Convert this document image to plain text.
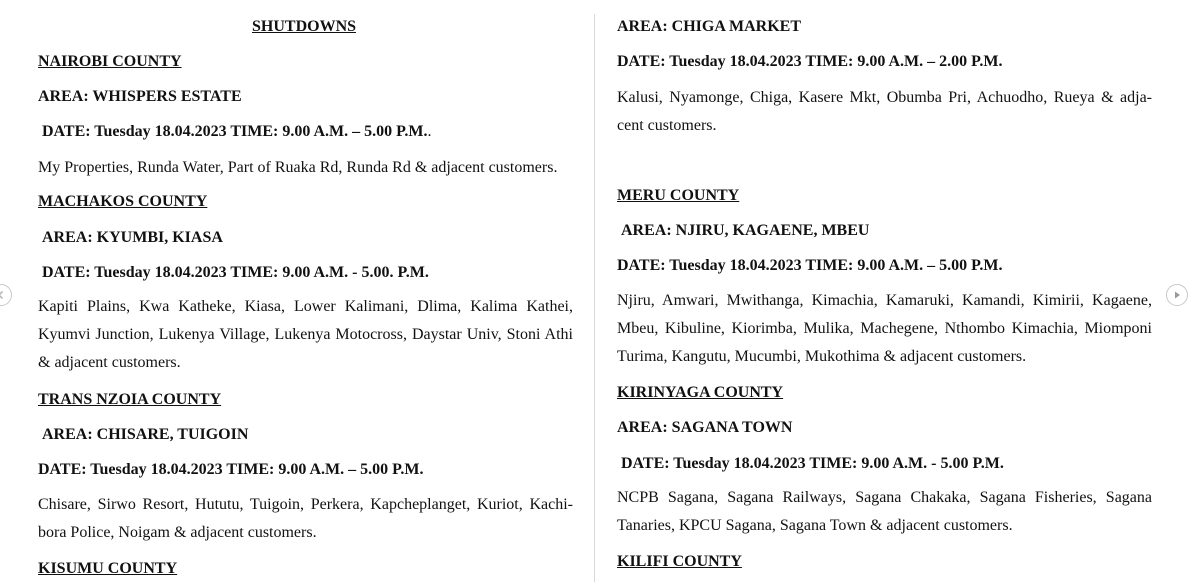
SHUTDOWNS
NAIROBI COUNTY
AREA: WHISPERS ESTATE
DATE: Tuesday 18.04.2023 TIME: 9.00 A.M. – 5.00 P.M..
My Properties, Runda Water, Part of Ruaka Rd, Runda Rd & adjacent customers.
MACHAKOS COUNTY
AREA: KYUMBI, KIASA
DATE: Tuesday 18.04.2023 TIME: 9.00 A.M. - 5.00. P.M.
Kapiti Plains, Kwa Katheke, Kiasa, Lower Kalimani, Dlima, Kalima Kathei, Kyumvi Junction, Lukenya Village, Lukenya Motocross, Daystar Univ, Stoni Athi & adjacent customers.
TRANS NZOIA COUNTY
AREA: CHISARE, TUIGOIN
DATE: Tuesday 18.04.2023 TIME: 9.00 A.M. – 5.00 P.M.
Chisare, Sirwo Resort, Hututu, Tuigoin, Perkera, Kapcheplanget, Kuriot, Kachi-bora Police, Noigam & adjacent customers.
KISUMU COUNTY
AREA: CHIGA MARKET
DATE: Tuesday 18.04.2023 TIME: 9.00 A.M. – 2.00 P.M.
Kalusi, Nyamonge, Chiga, Kasere Mkt, Obumba Pri, Achuodho, Rueya & adja-cent customers.
MERU COUNTY
AREA: NJIRU, KAGAENE, MBEU
DATE: Tuesday 18.04.2023 TIME: 9.00 A.M. – 5.00 P.M.
Njiru, Amwari, Mwithanga, Kimachia, Kamaruki, Kamandi, Kimirii, Kagaene, Mbeu, Kibuline, Kiorimba, Mulika, Machegene, Nthombo Kimachia, Miomponi Turima, Kangutu, Mucumbi, Mukothima & adjacent customers.
KIRINYAGA COUNTY
AREA: SAGANA TOWN
DATE: Tuesday 18.04.2023 TIME: 9.00 A.M. - 5.00 P.M.
NCPB Sagana, Sagana Railways, Sagana Chakaka, Sagana Fisheries, Sagana Tanaries, KPCU Sagana, Sagana Town & adjacent customers.
KILIFI COUNTY
